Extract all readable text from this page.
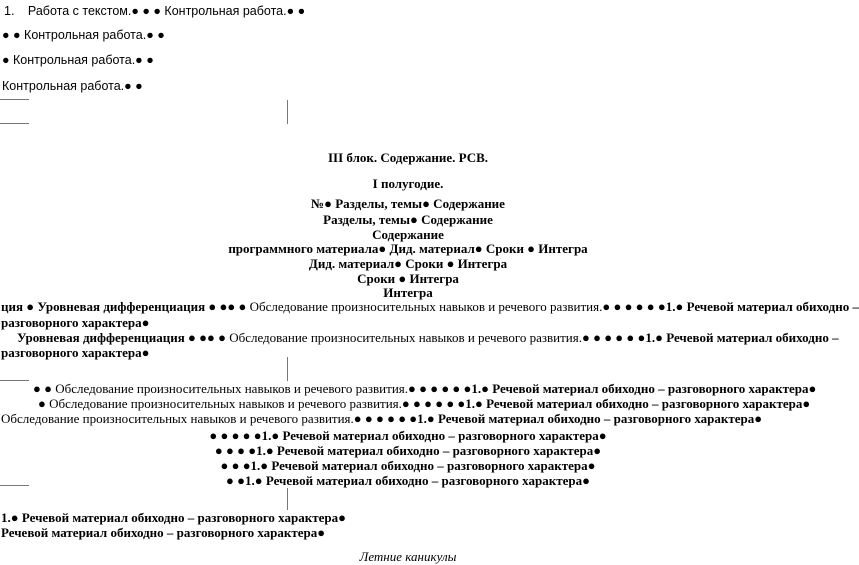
1. Работа с текстом.● ● ● Контрольная работа.● ●
● ● Контрольная работа.● ●
● Контрольная работа.● ●
Контрольная работа.● ●
III блок. Содержание. РСВ.
I полугодие.
№● Разделы, темы● Содержание
Разделы, темы● Содержание
Содержание
программного материала● Дид. материал● Сроки ● Интегра
Дид. материал● Сроки ● Интегра
Сроки ● Интегра
Интегра
ция ● Уровневая дифференциация ● ●● ● Обследование произносительных навыков и речевого развития.● ● ● ● ● ●1.● Речевой материал обиходно –
разговорного характера●
Уровневая дифференциация ● ●● ● Обследование произносительных навыков и речевого развития.● ● ● ● ● ●1.● Речевой материал обиходно –
разговорного характера●
● ● Обследование произносительных навыков и речевого развития.● ● ● ● ● ●1.● Речевой материал обиходно – разговорного характера●
● Обследование произносительных навыков и речевого развития.● ● ● ● ● ●1.● Речевой материал обиходно – разговорного характера●
Обследование произносительных навыков и речевого развития.● ● ● ● ● ●1.● Речевой материал обиходно – разговорного характера●
● ● ● ● ●1.● Речевой материал обиходно – разговорного характера●
● ● ● ●1.● Речевой материал обиходно – разговорного характера●
● ● ●1.● Речевой материал обиходно – разговорного характера●
● ●1.● Речевой материал обиходно – разговорного характера●
1.● Речевой материал обиходно – разговорного характера●
Речевой материал обиходно – разговорного характера●
Летние каникулы
